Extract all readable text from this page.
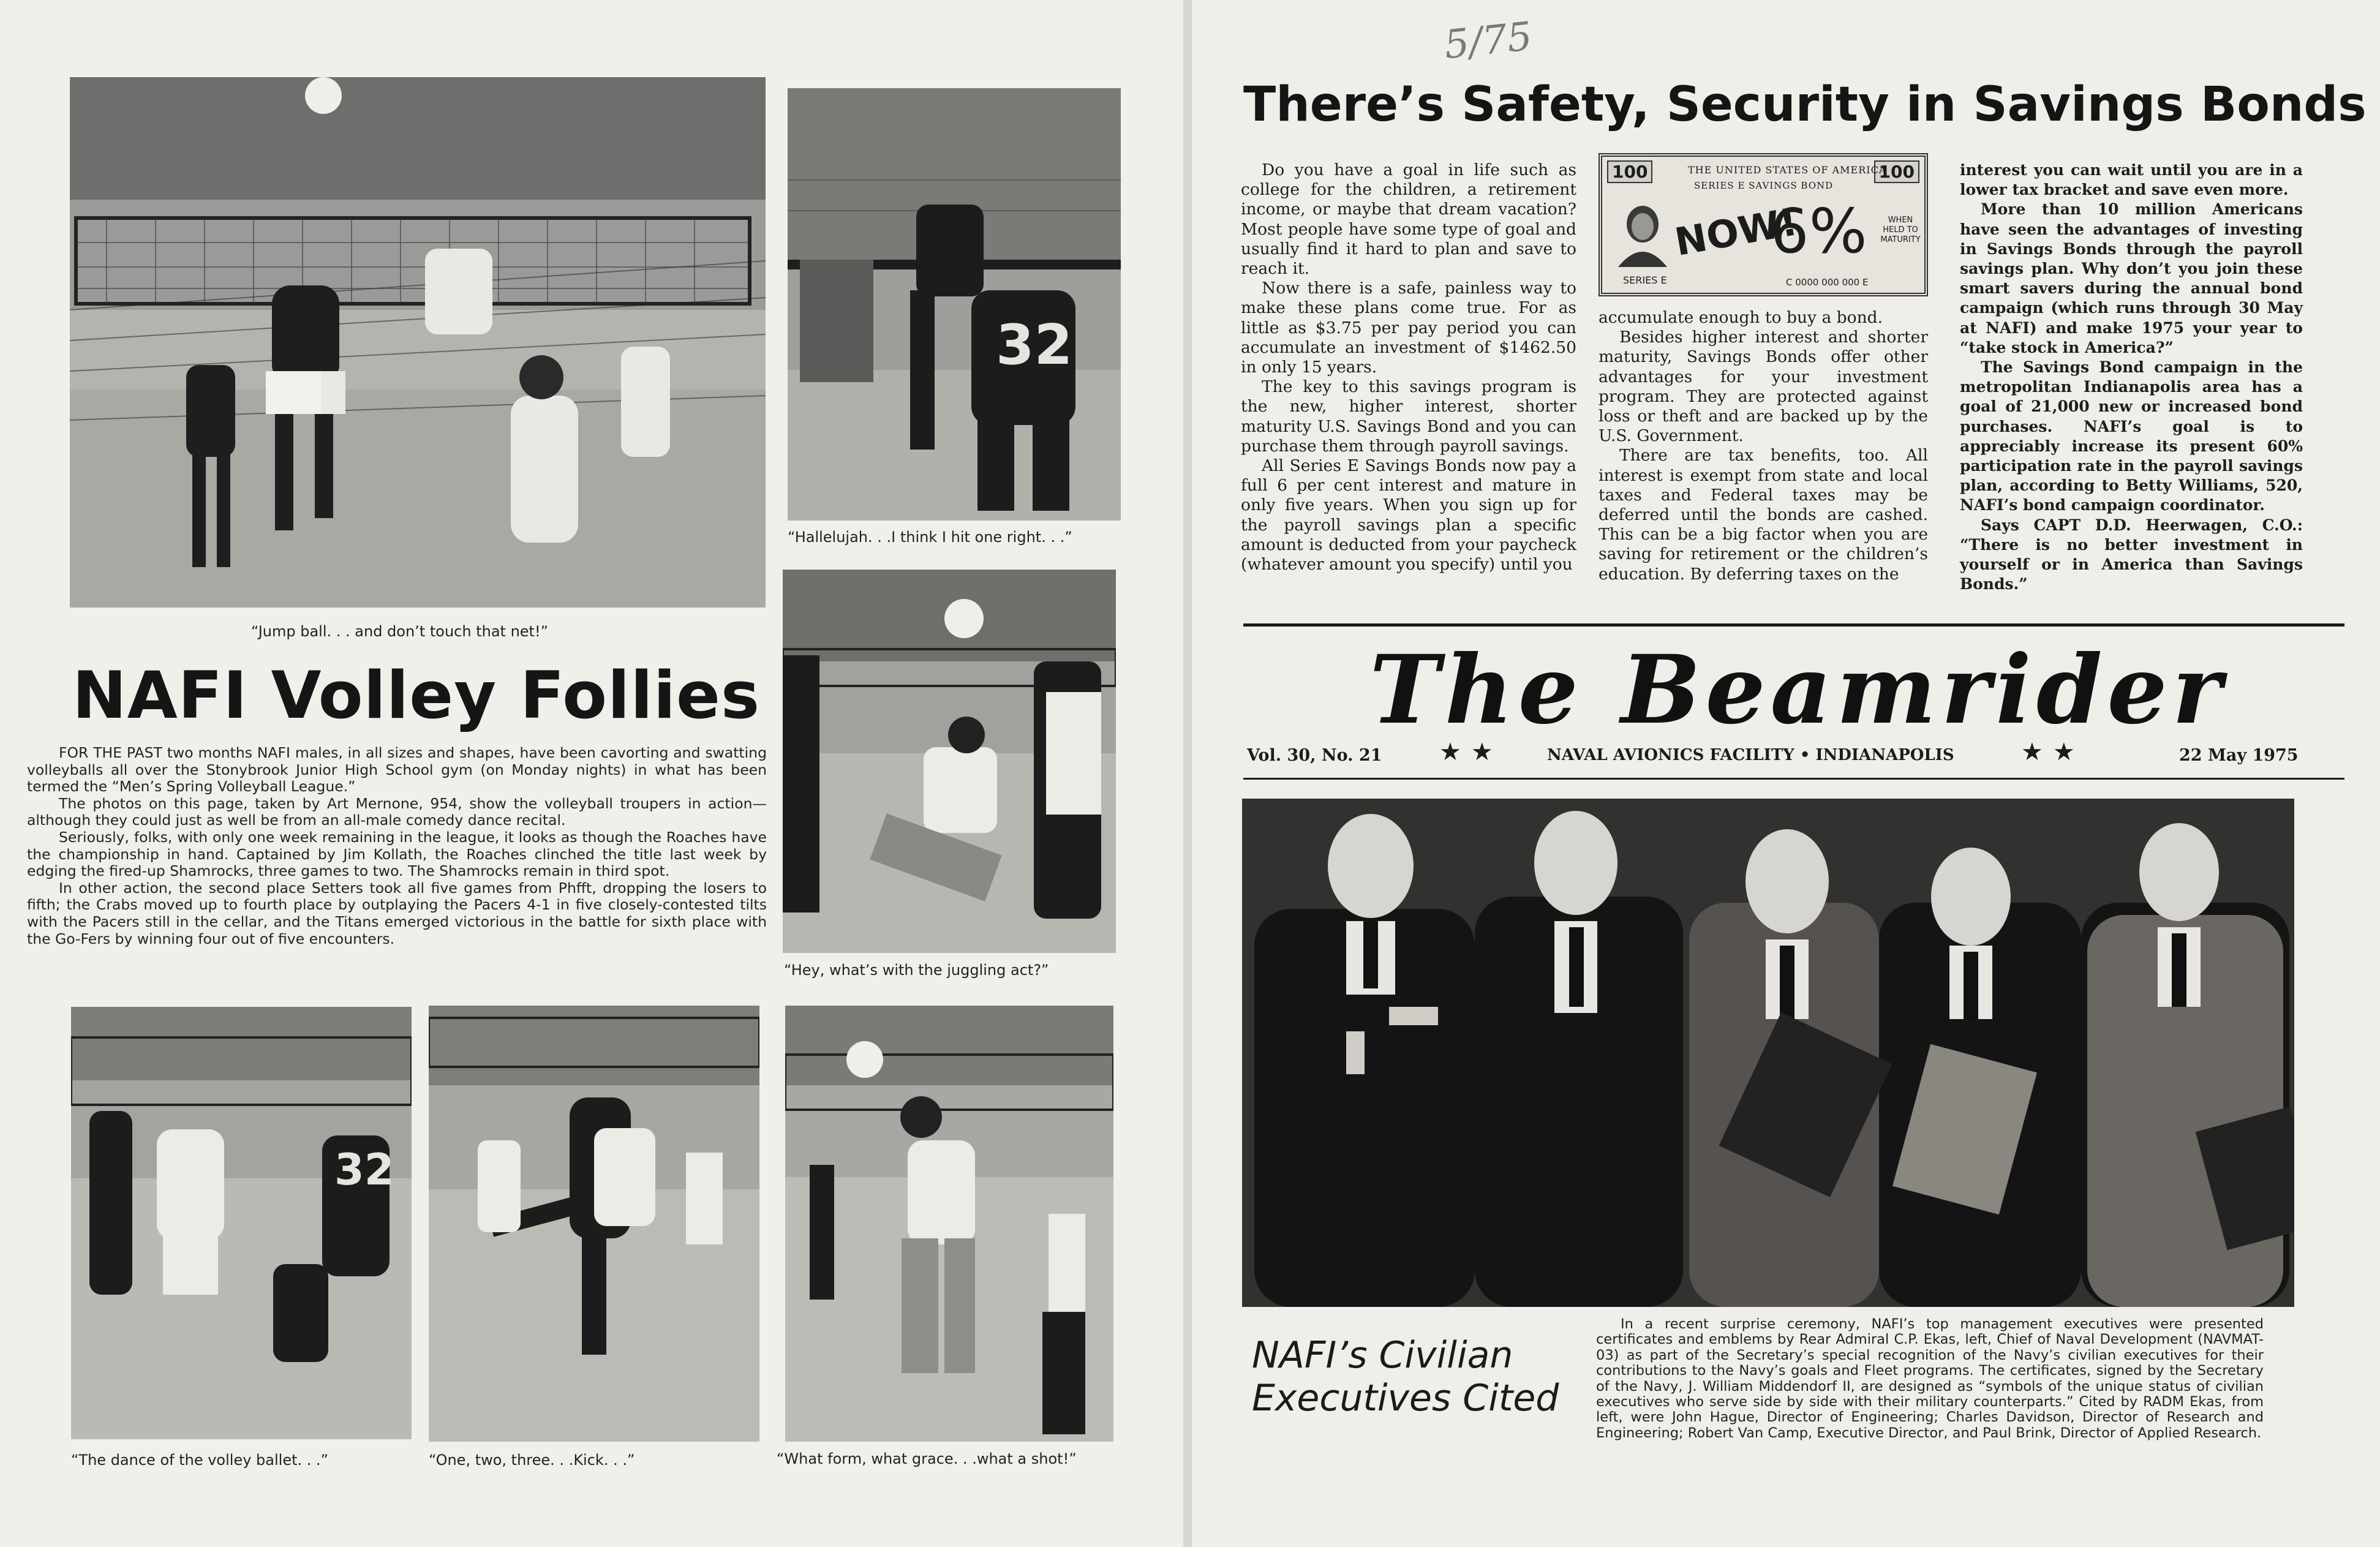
“Jump ball. . . and don’t touch that net!”
32
“Hallelujah. . .I think I hit one right. . .”
NAFI Volley Follies

FOR THE PAST two months NAFI males, in all sizes and shapes, have been cavorting and swatting volleyballs all over the Stonybrook Junior High School gym (on Monday nights) in what has been termed the “Men’s Spring Volleyball League.”

The photos on this page, taken by Art Mernone, 954, show the volleyball troupers in action—although they could just as well be from an all-male comedy dance recital.

Seriously, folks, with only one week remaining in the league, it looks as though the Roaches have the championship in hand. Captained by Jim Kollath, the Roaches clinched the title last week by edging the fired-up Shamrocks, three games to two. The Shamrocks remain in third spot.

In other action, the second place Setters took all five games from Phfft, dropping the losers to fifth; the Crabs moved up to fourth place by outplaying the Pacers 4-1 in five closely-contested tilts with the Pacers still in the cellar, and the Titans emerged victorious in the battle for sixth place with the Go-Fers by winning four out of five encounters.

“Hey, what’s with the juggling act?”
32
“The dance of the volley ballet. . .”	“One, two, three. . .Kick. . .”	“What form, what grace. . .what a shot!”
5/75
There’s Safety, Security in Savings Bonds

Do you have a goal in life such as college for the children, a retirement income, or maybe that dream vacation? Most people have some type of goal and usually find it hard to plan and save to reach it.

Now there is a safe, painless way to make these plans come true. For as little as $3.75 per pay period you can accumulate an investment of $1462.50 in only 15 years.

The key to this savings program is the new, higher interest, shorter maturity U.S. Savings Bond and you can purchase them through payroll savings.

All Series E Savings Bonds now pay a full 6 per cent interest and mature in only five years. When you sign up for the payroll savings plan a specific amount is deducted from your paycheck (whatever amount you specify) until you

100	100
THE UNITED STATES OF AMERICA
SERIES E SAVINGS BOND
NOW!
6%	WHEN HELD TO MATURITY
SERIES E	C 0000 000 000 E

accumulate enough to buy a bond.

Besides higher interest and shorter maturity, Savings Bonds offer other advantages for your investment program. They are protected against loss or theft and are backed up by the U.S. Government.

There are tax benefits, too. All interest is exempt from state and local taxes and Federal taxes may be deferred until the bonds are cashed. This can be a big factor when you are saving for retirement or the children’s education. By deferring taxes on the

interest you can wait until you are in a lower tax bracket and save even more.

More than 10 million Americans have seen the advantages of investing in Savings Bonds through the payroll savings plan. Why don’t you join these smart savers during the annual bond campaign (which runs through 30 May at NAFI) and make 1975 your year to “take stock in America?”

The Savings Bond campaign in the metropolitan Indianapolis area has a goal of 21,000 new or increased bond purchases. NAFI’s goal is to appreciably increase its present 60% participation rate in the payroll savings plan, according to Betty Williams, 520, NAFI’s bond campaign coordinator.

Says CAPT D.D. Heerwagen, C.O.: “There is no better investment in yourself or in America than Savings Bonds.”

The Beamrider
Vol. 30, No. 21 ★★	NAVAL AVIONICS FACILITY • INDIANAPOLIS	★★	22 May 1975
NAFI’s Civilian
Executives Cited

In a recent surprise ceremony, NAFI’s top management executives were presented certificates and emblems by Rear Admiral C.P. Ekas, left, Chief of Naval Development (NAVMAT-03) as part of the Secretary’s special recognition of the Navy’s civilian executives for their contributions to the Navy’s goals and Fleet programs. The certificates, signed by the Secretary of the Navy, J. William Middendorf II, are designed as “symbols of the unique status of civilian executives who serve side by side with their military counterparts.” Cited by RADM Ekas, from left, were John Hague, Director of Engineering; Charles Davidson, Director of Research and Engineering; Robert Van Camp, Executive Director, and Paul Brink, Director of Applied Research.
